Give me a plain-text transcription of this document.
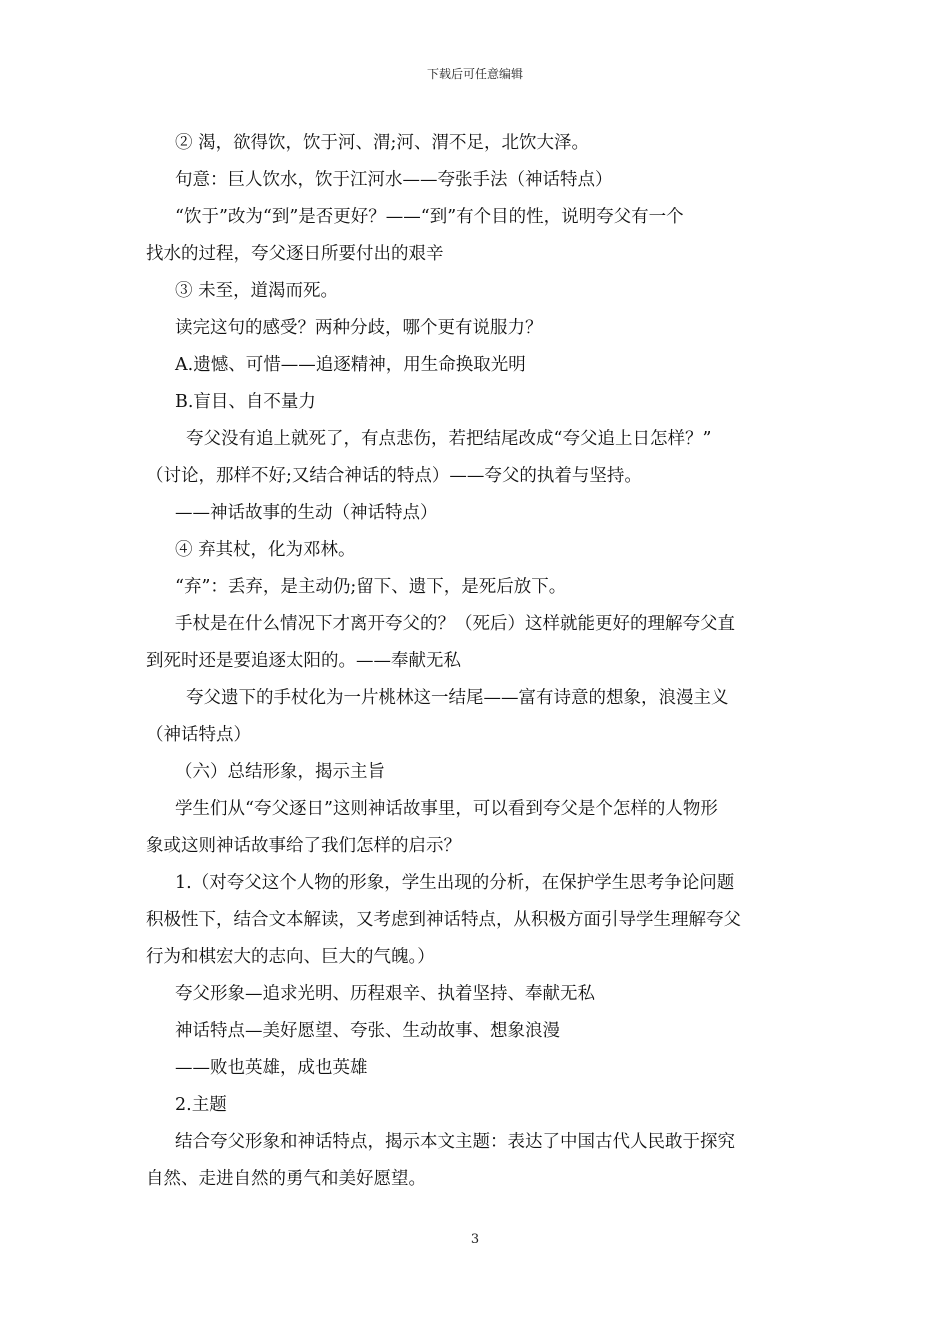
下载后可任意编辑
② 渴，欲得饮，饮于河、渭;河、渭不足，北饮大泽。
句意：巨人饮水，饮于江河水——夸张手法（神话特点）
“饮于”改为“到”是否更好？——“到”有个目的性，说明夸父有一个
找水的过程，夸父逐日所要付出的艰辛
③ 未至，道渴而死。
读完这句的感受？两种分歧，哪个更有说服力？
A.遗憾、可惜——追逐精神，用生命换取光明
B.盲目、自不量力
夸父没有追上就死了，有点悲伤，若把结尾改成“夸父追上日怎样？”
（讨论，那样不好;又结合神话的特点）——夸父的执着与坚持。
——神话故事的生动（神话特点）
④ 弃其杖，化为邓林。
“弃”：丢弃，是主动仍;留下、遗下，是死后放下。
手杖是在什么情况下才离开夸父的？（死后）这样就能更好的理解夸父直
到死时还是要追逐太阳的。——奉献无私
夸父遗下的手杖化为一片桃林这一结尾——富有诗意的想象，浪漫主义
（神话特点）
（六）总结形象，揭示主旨
学生们从“夸父逐日”这则神话故事里，可以看到夸父是个怎样的人物形
象或这则神话故事给了我们怎样的启示？
1.（对夸父这个人物的形象，学生出现的分析，在保护学生思考争论问题
积极性下，结合文本解读，又考虑到神话特点，从积极方面引导学生理解夸父
行为和棋宏大的志向、巨大的气魄。）
夸父形象—追求光明、历程艰辛、执着坚持、奉献无私
神话特点—美好愿望、夸张、生动故事、想象浪漫
——败也英雄，成也英雄
2.主题
结合夸父形象和神话特点，揭示本文主题：表达了中国古代人民敢于探究
自然、走进自然的勇气和美好愿望。
3
